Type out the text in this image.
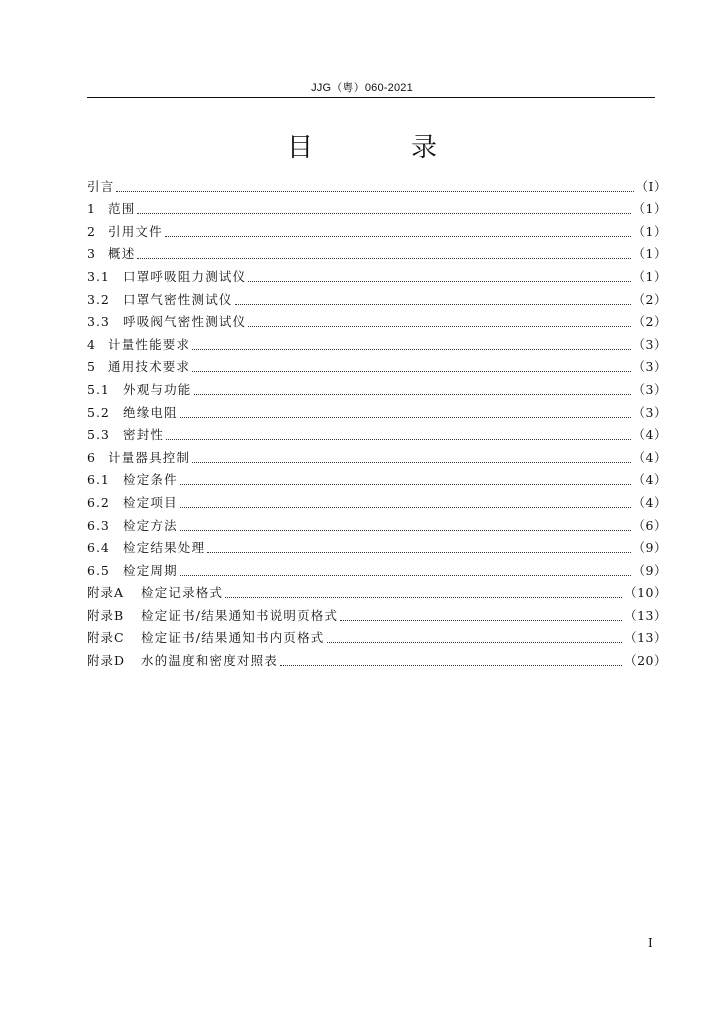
JJG（粤）060-2021
目　录
引言	（I）
1 范围	（1）
2 引用文件	（1）
3 概述	（1）
3.1	口罩呼吸阻力测试仪	（1）
3.2	口罩气密性测试仪	（2）
3.3	呼吸阀气密性测试仪	（2）
4 计量性能要求	（3）
5 通用技术要求	（3）
5.1	外观与功能	（3）
5.2	绝缘电阻	（3）
5.3	密封性	（4）
6 计量器具控制	（4）
6.1	检定条件	（4）
6.2	检定项目	（4）
6.3	检定方法	（6）
6.4	检定结果处理	（9）
6.5	检定周期	（9）
附录A	检定记录格式	（10）
附录B	检定证书/结果通知书说明页格式	（13）
附录C	检定证书/结果通知书内页格式	（13）
附录D	水的温度和密度对照表	（20）
I
